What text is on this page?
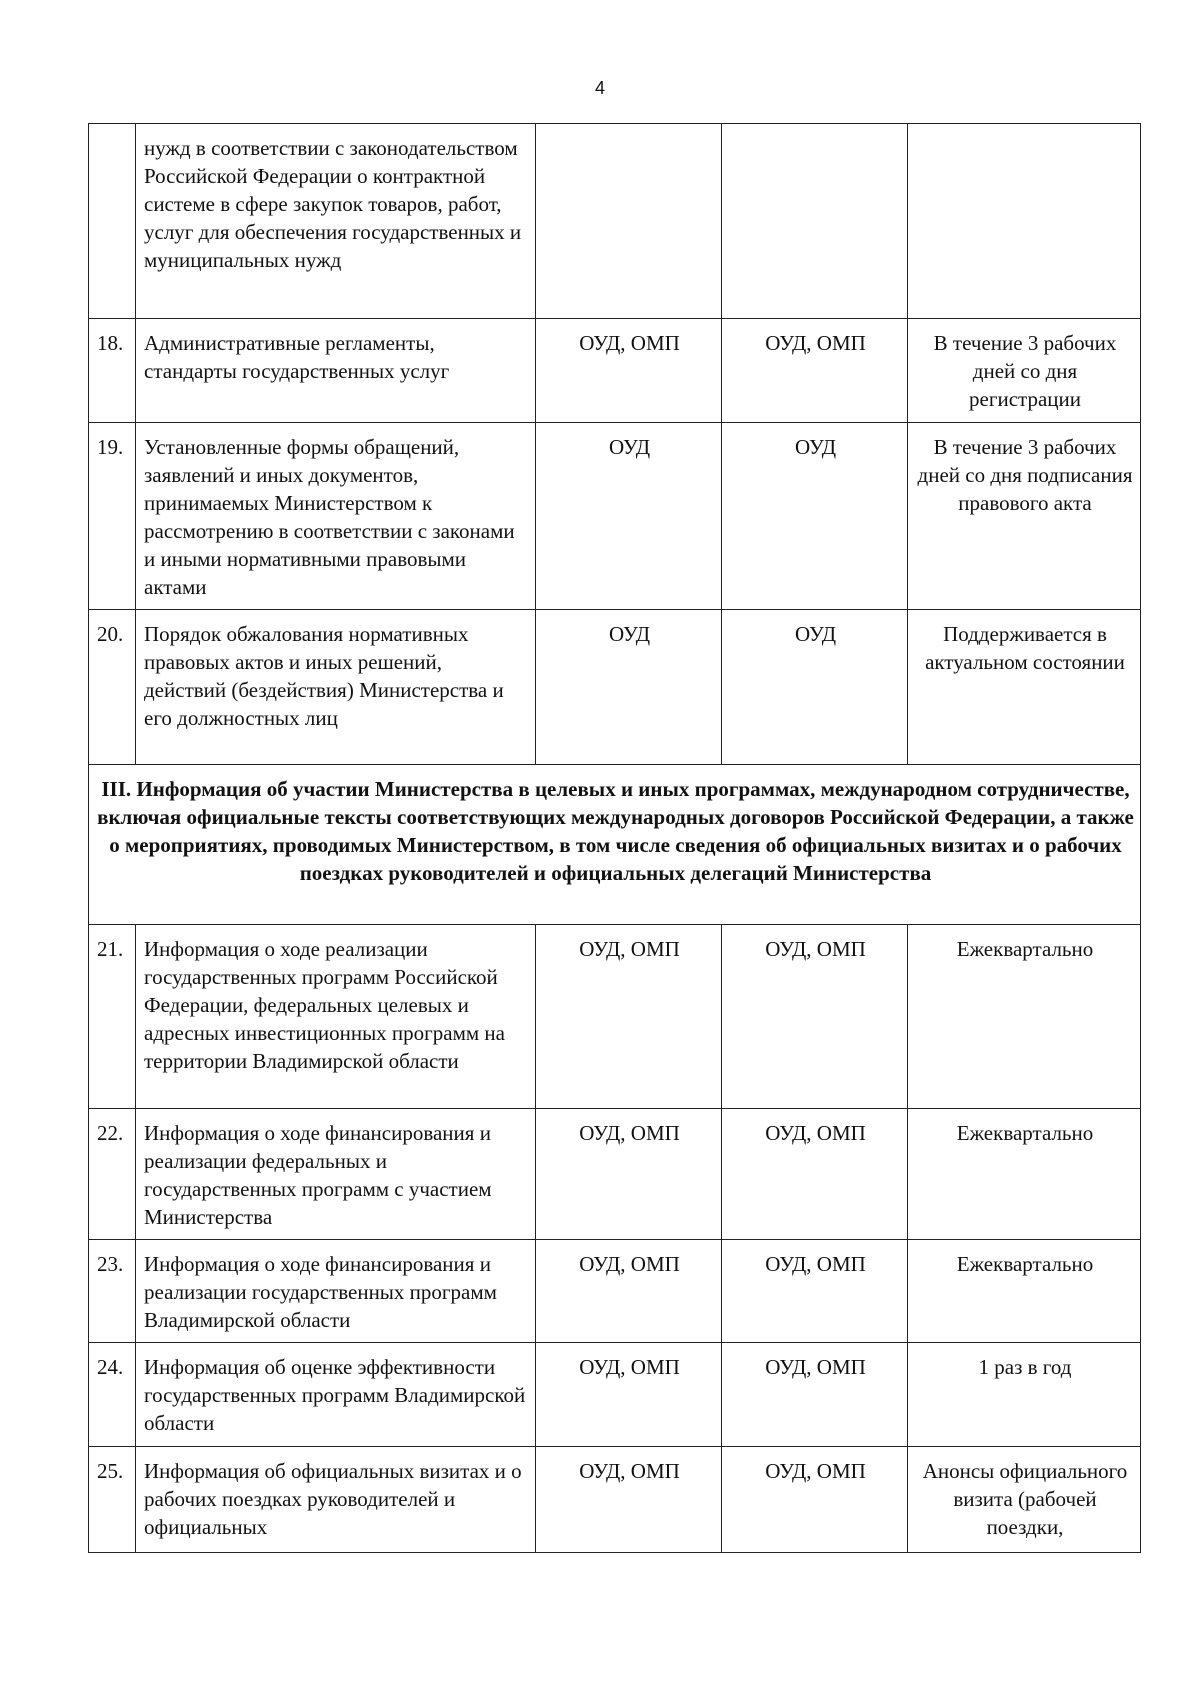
4
	нужд в соответствии с законодательством Российской Федерации о контрактной системе в сфере закупок товаров, работ, услуг для обеспечения государственных и муниципальных нужд			
18.	Административные регламенты, стандарты государственных услуг	ОУД, ОМП	ОУД, ОМП	В течение 3 рабочих дней со дня регистрации
19.	Установленные формы обращений, заявлений и иных документов, принимаемых Министерством к рассмотрению в соответствии с законами и иными нормативными правовыми актами	ОУД	ОУД	В течение 3 рабочих дней со дня подписания правового акта
20.	Порядок обжалования нормативных правовых актов и иных решений, действий (бездействия) Министерства и его должностных лиц	ОУД	ОУД	Поддерживается в актуальном состоянии
III. Информация об участии Министерства в целевых и иных программах, международном сотрудничестве, включая официальные тексты соответствующих международных договоров Российской Федерации, а также о мероприятиях, проводимых Министерством, в том числе сведения об официальных визитах и о рабочих поездках руководителей и официальных делегаций Министерства				
21.	Информация о ходе реализации государственных программ Российской Федерации, федеральных целевых и адресных инвестиционных программ на территории Владимирской области	ОУД, ОМП	ОУД, ОМП	Ежеквартально
22.	Информация о ходе финансирования и реализации федеральных и государственных программ с участием Министерства	ОУД, ОМП	ОУД, ОМП	Ежеквартально
23.	Информация о ходе финансирования и реализации государственных программ Владимирской области	ОУД, ОМП	ОУД, ОМП	Ежеквартально
24.	Информация об оценке эффективности государственных программ Владимирской области	ОУД, ОМП	ОУД, ОМП	1 раз в год
25.	Информация об официальных визитах и о рабочих поездках руководителей и официальных	ОУД, ОМП	ОУД, ОМП	Анонсы официального визита (рабочей поездки,
